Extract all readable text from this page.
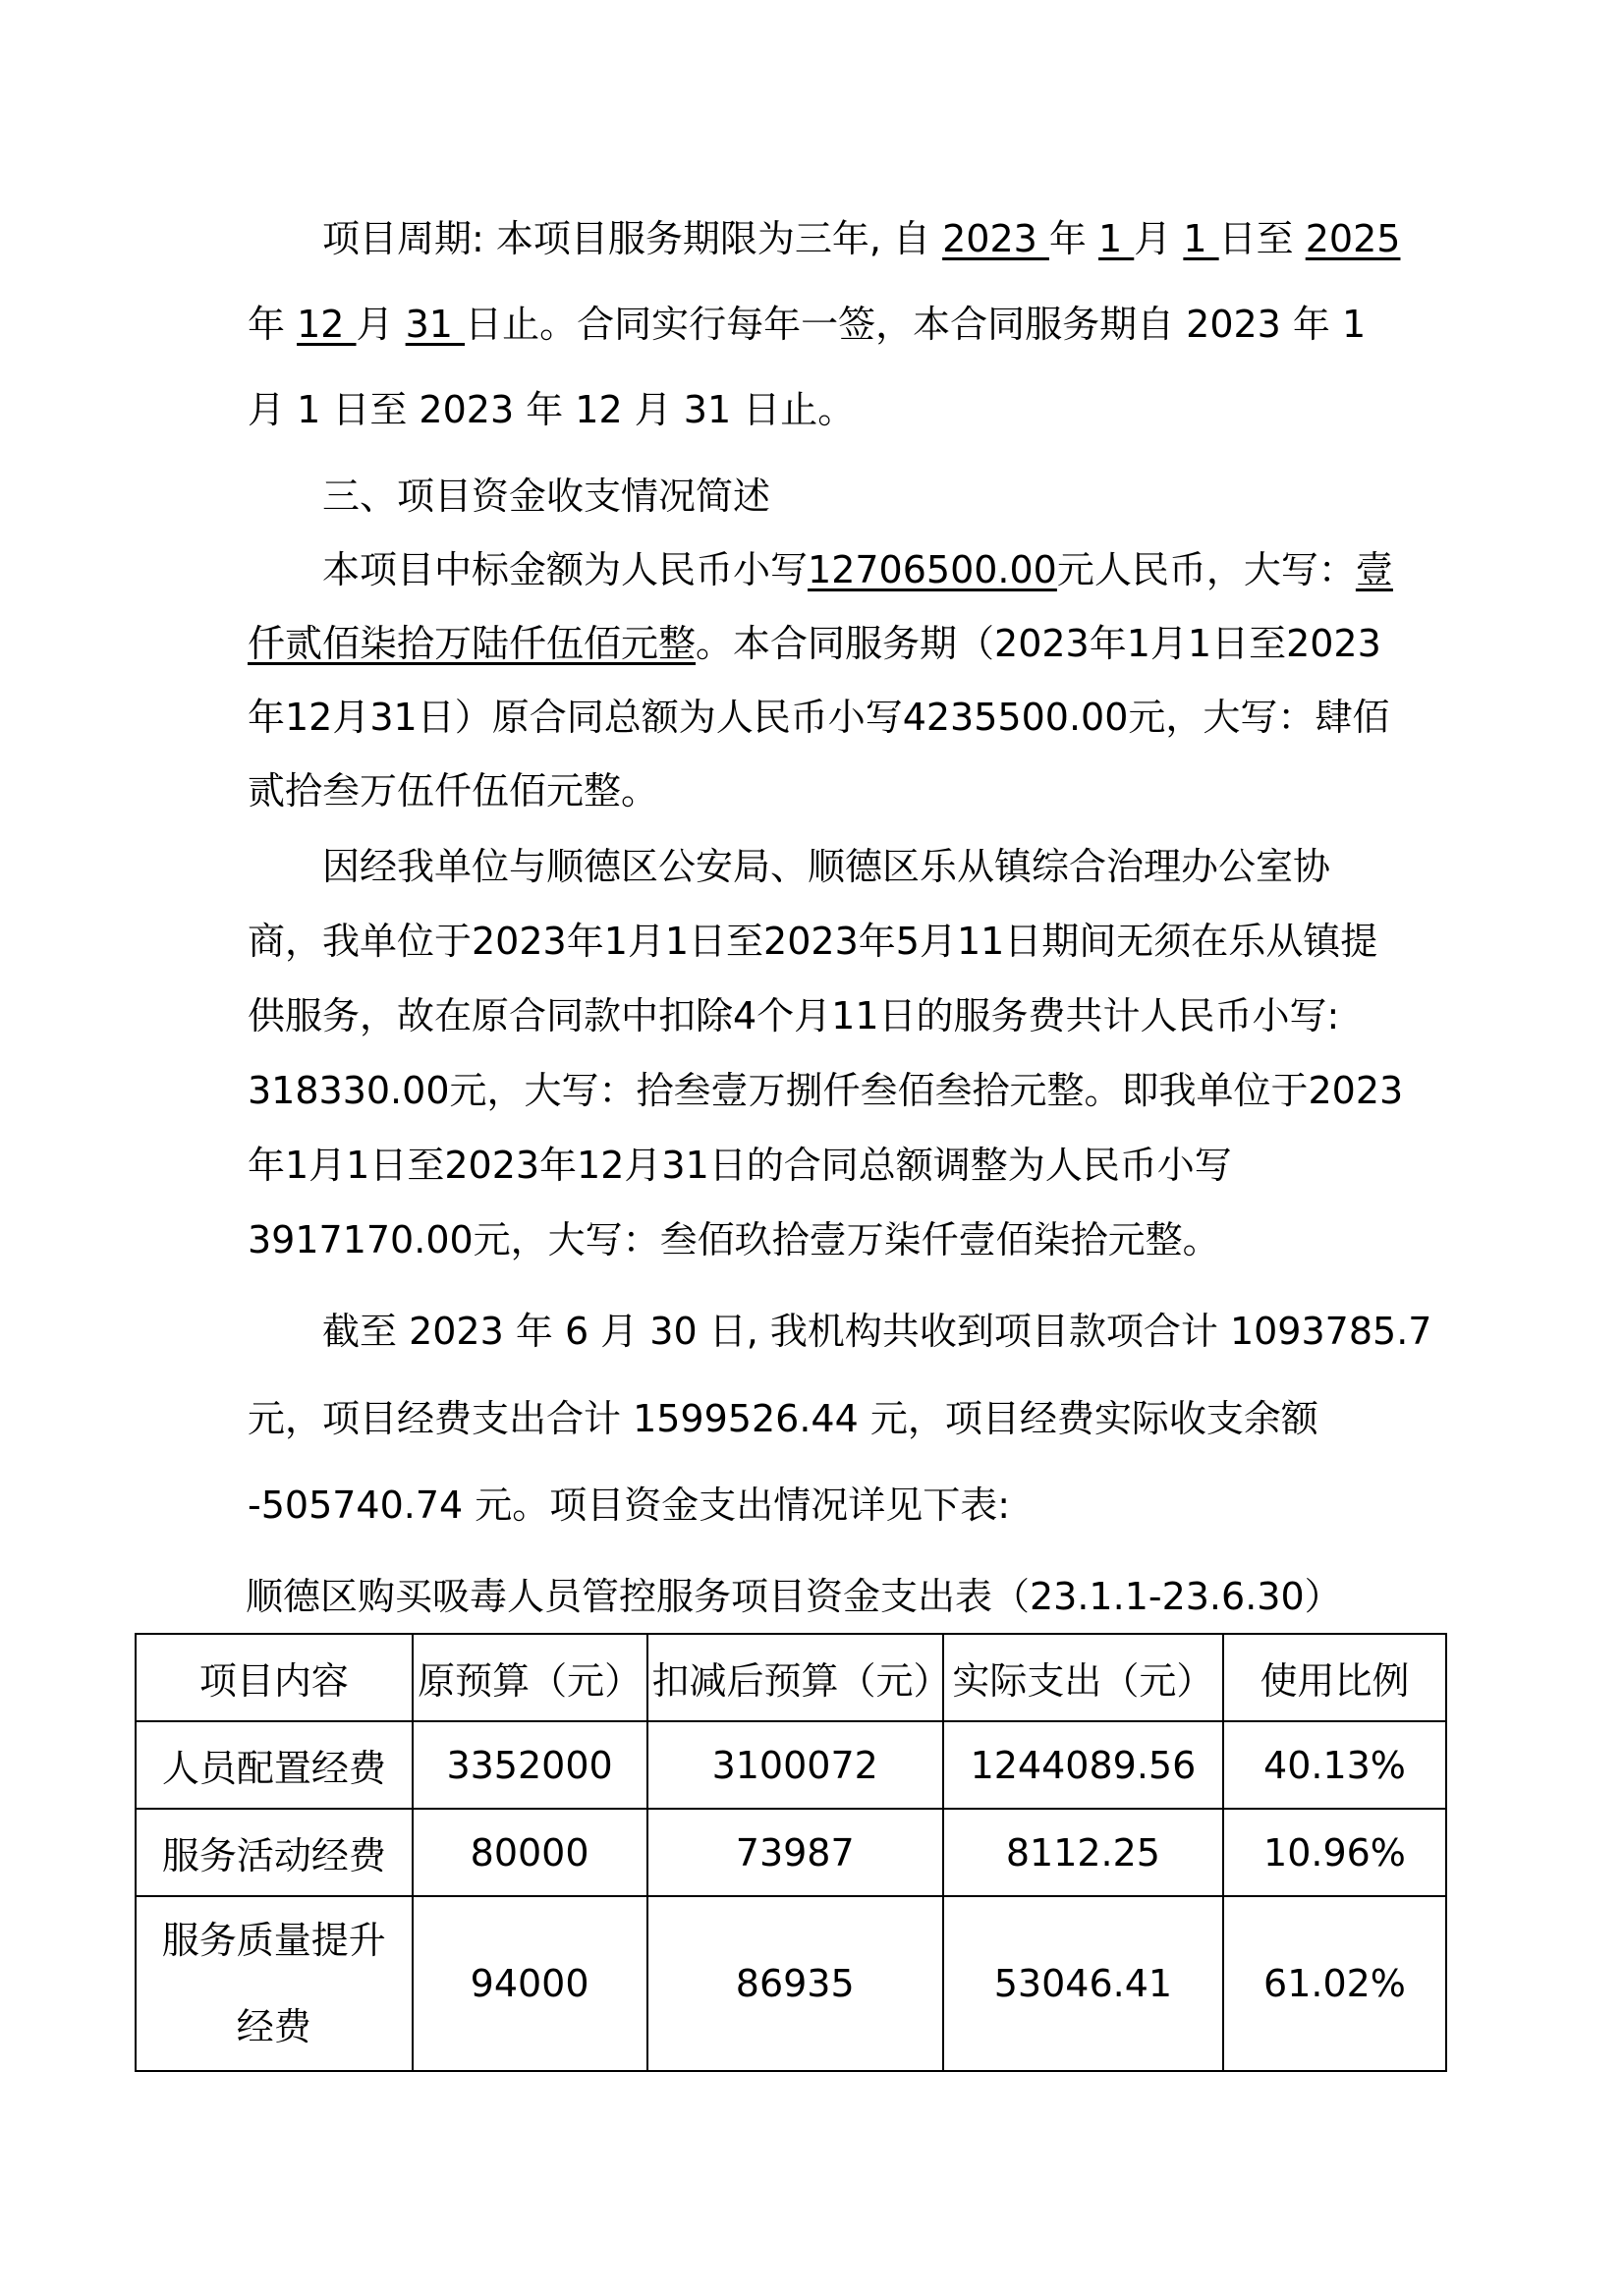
　　项目周期: 本项目服务期限为三年, 自 2023 年 1 月 1 日至 2025
年 12 月 31 日止。合同实行每年一签，本合同服务期自 2023 年 1
月 1 日至 2023 年 12 月 31 日止。
　　三、项目资金收支情况简述
　　本项目中标金额为人民币小写12706500.00元人民币，大写：壹
仟贰佰柒拾万陆仟伍佰元整。本合同服务期（2023年1月1日至2023
年12月31日）原合同总额为人民币小写4235500.00元，大写：肆佰
贰拾叁万伍仟伍佰元整。
　　因经我单位与顺德区公安局、顺德区乐从镇综合治理办公室协
商，我单位于2023年1月1日至2023年5月11日期间无须在乐从镇提
供服务，故在原合同款中扣除4个月11日的服务费共计人民币小写:
318330.00元，大写：拾叁壹万捌仟叁佰叁拾元整。即我单位于2023
年1月1日至2023年12月31日的合同总额调整为人民币小写
3917170.00元，大写：叁佰玖拾壹万柒仟壹佰柒拾元整。
　　截至 2023 年 6 月 30 日, 我机构共收到项目款项合计 1093785.7
元，项目经费支出合计 1599526.44 元，项目经费实际收支余额
-505740.74 元。项目资金支出情况详见下表:
顺德区购买吸毒人员管控服务项目资金支出表（23.1.1-23.6.30）
项目内容	原预算（元）	扣减后预算（元）	实际支出（元）	使用比例
人员配置经费	3352000	3100072	1244089.56	40.13%
服务活动经费	80000	73987	8112.25	10.96%
服务质量提升经费	94000	86935	53046.41	61.02%
